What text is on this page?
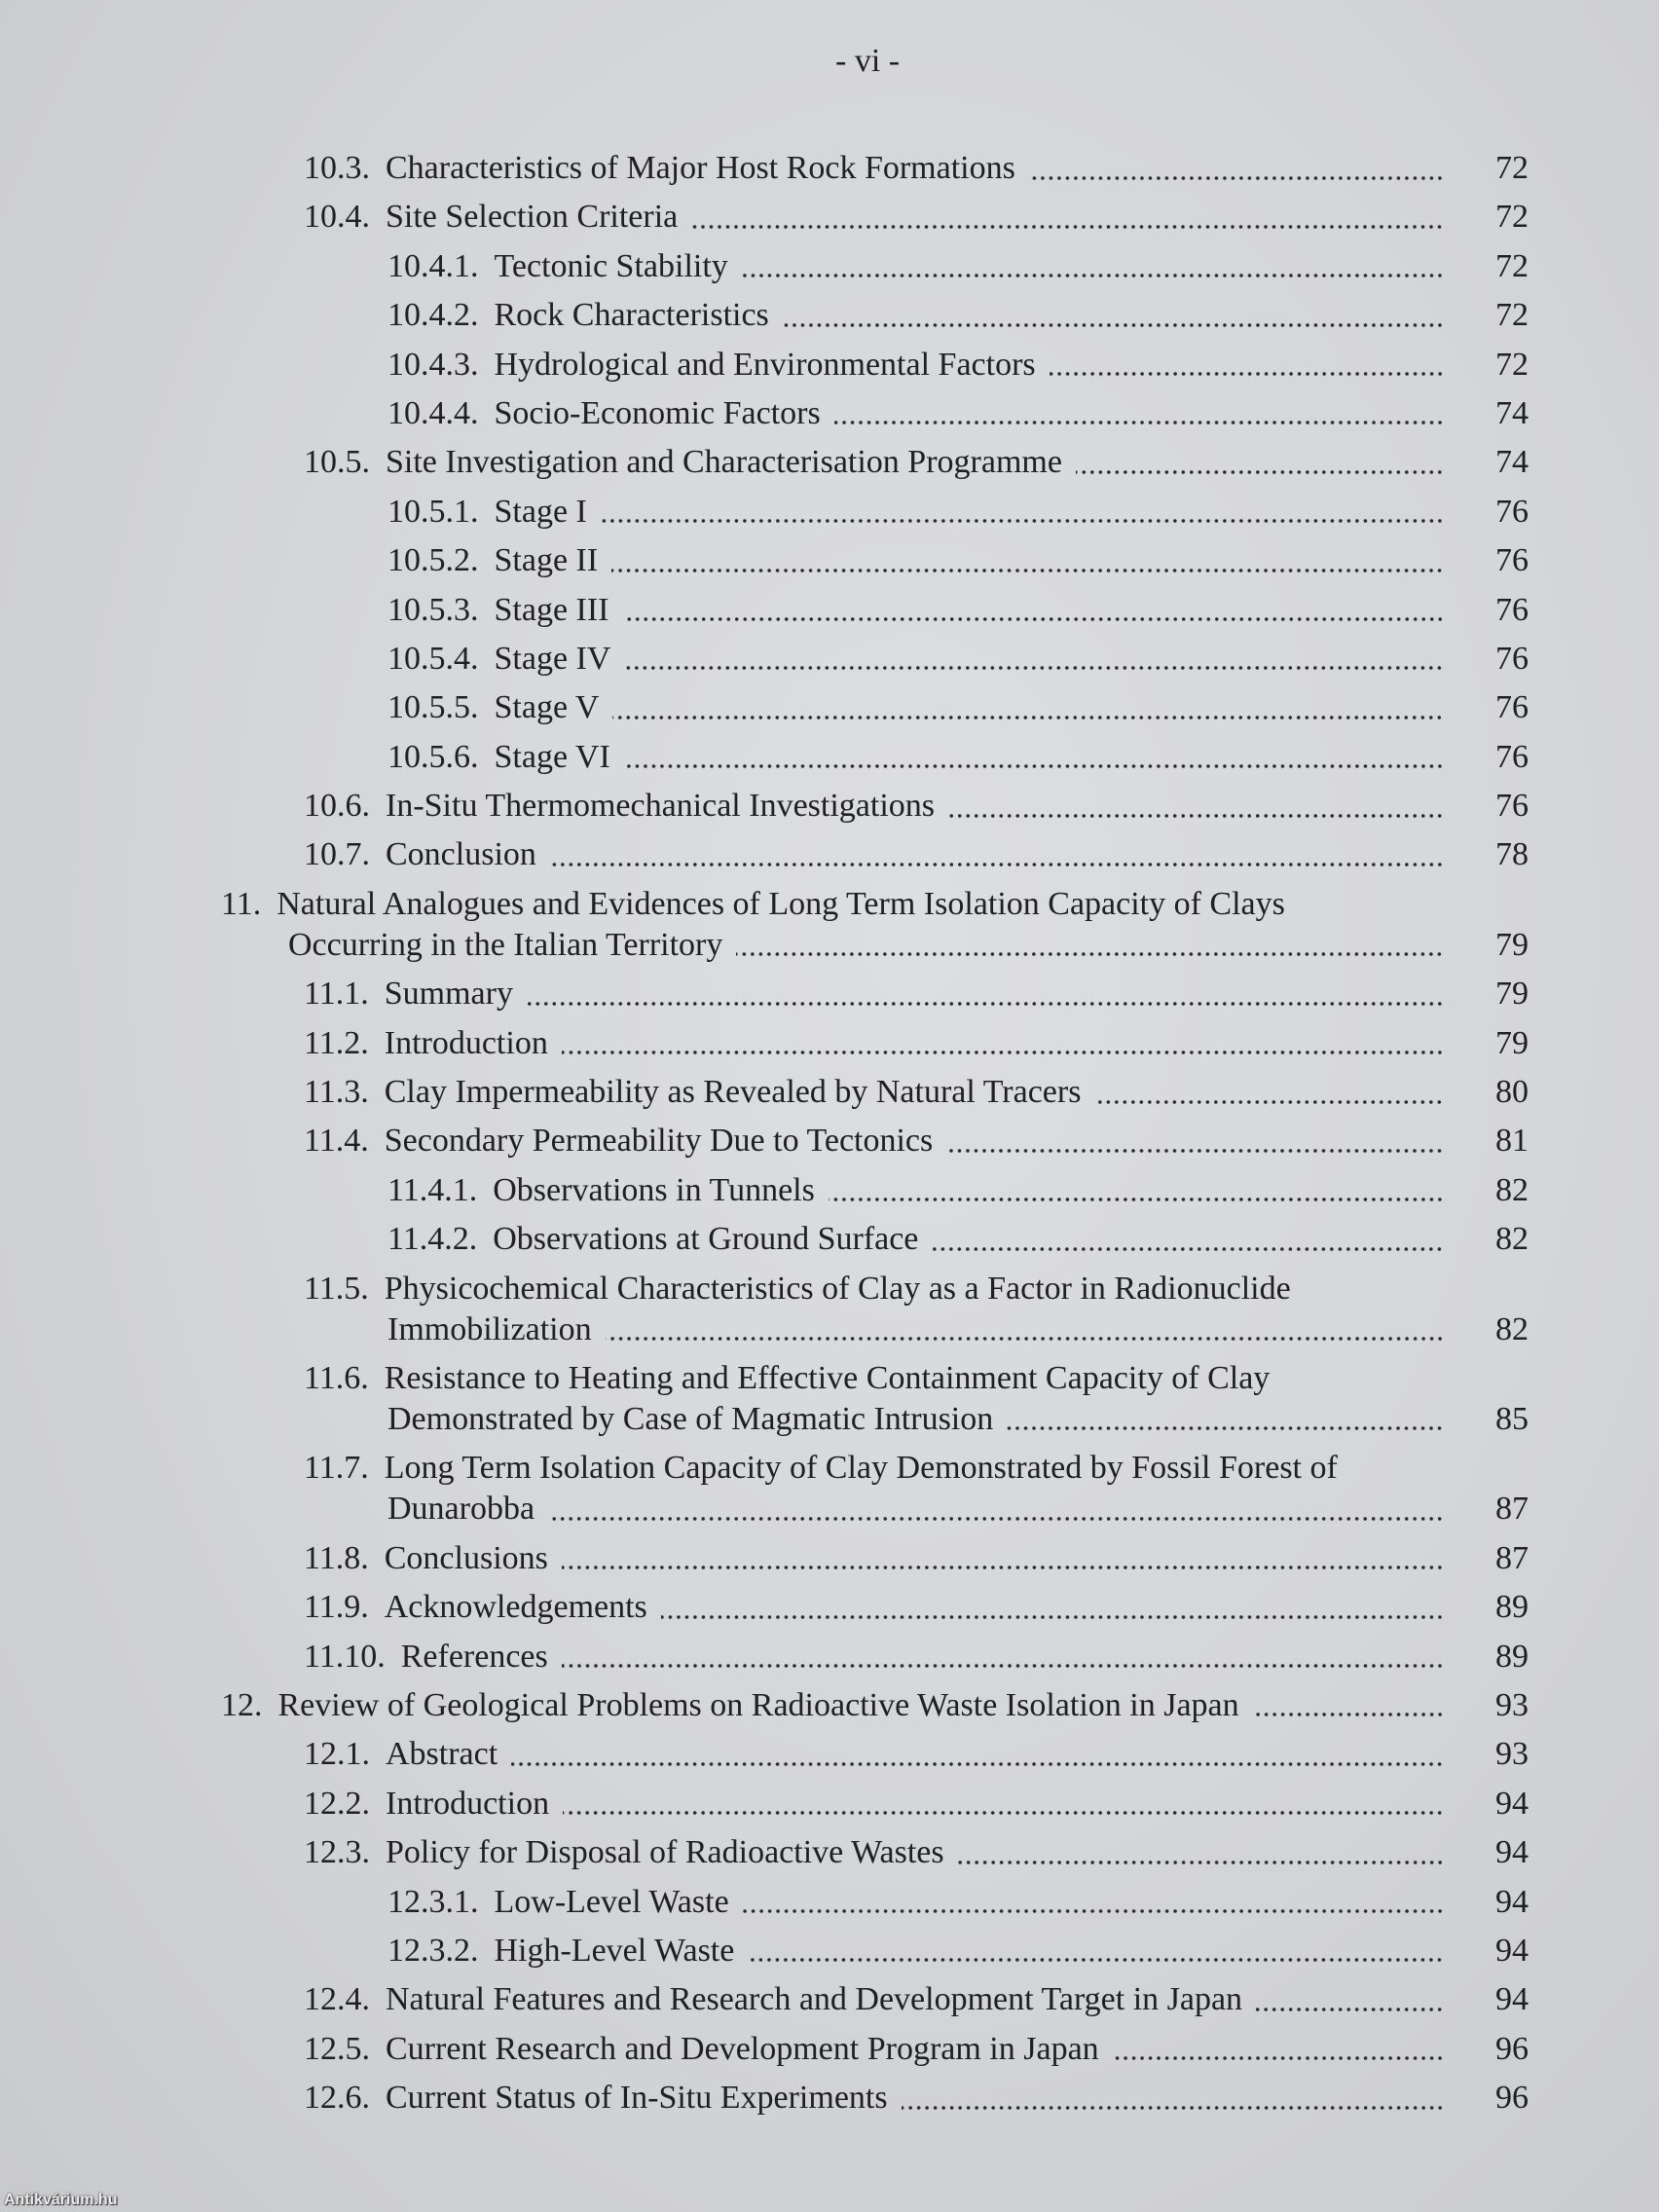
- vi -
10.3. Characteristics of Major Host Rock Formations	72
10.4. Site Selection Criteria	72
10.4.1. Tectonic Stability	72
10.4.2. Rock Characteristics	72
10.4.3. Hydrological and Environmental Factors	72
10.4.4. Socio-Economic Factors	74
10.5. Site Investigation and Characterisation Programme	74
10.5.1. Stage I	76
10.5.2. Stage II	76
10.5.3. Stage III	76
10.5.4. Stage IV	76
10.5.5. Stage V	76
10.5.6. Stage VI	76
10.6. In-Situ Thermomechanical Investigations	76
10.7. Conclusion	78
11. Natural Analogues and Evidences of Long Term Isolation Capacity of Clays
Occurring in the Italian Territory	79
11.1. Summary	79
11.2. Introduction	79
11.3. Clay Impermeability as Revealed by Natural Tracers	80
11.4. Secondary Permeability Due to Tectonics	81
11.4.1. Observations in Tunnels	82
11.4.2. Observations at Ground Surface	82
11.5. Physicochemical Characteristics of Clay as a Factor in Radionuclide
Immobilization	82
11.6. Resistance to Heating and Effective Containment Capacity of Clay
Demonstrated by Case of Magmatic Intrusion	85
11.7. Long Term Isolation Capacity of Clay Demonstrated by Fossil Forest of
Dunarobba	87
11.8. Conclusions	87
11.9. Acknowledgements	89
11.10. References	89
12. Review of Geological Problems on Radioactive Waste Isolation in Japan	93
12.1. Abstract	93
12.2. Introduction	94
12.3. Policy for Disposal of Radioactive Wastes	94
12.3.1. Low-Level Waste	94
12.3.2. High-Level Waste	94
12.4. Natural Features and Research and Development Target in Japan	94
12.5. Current Research and Development Program in Japan	96
12.6. Current Status of In-Situ Experiments	96
Antikvárium.hu
